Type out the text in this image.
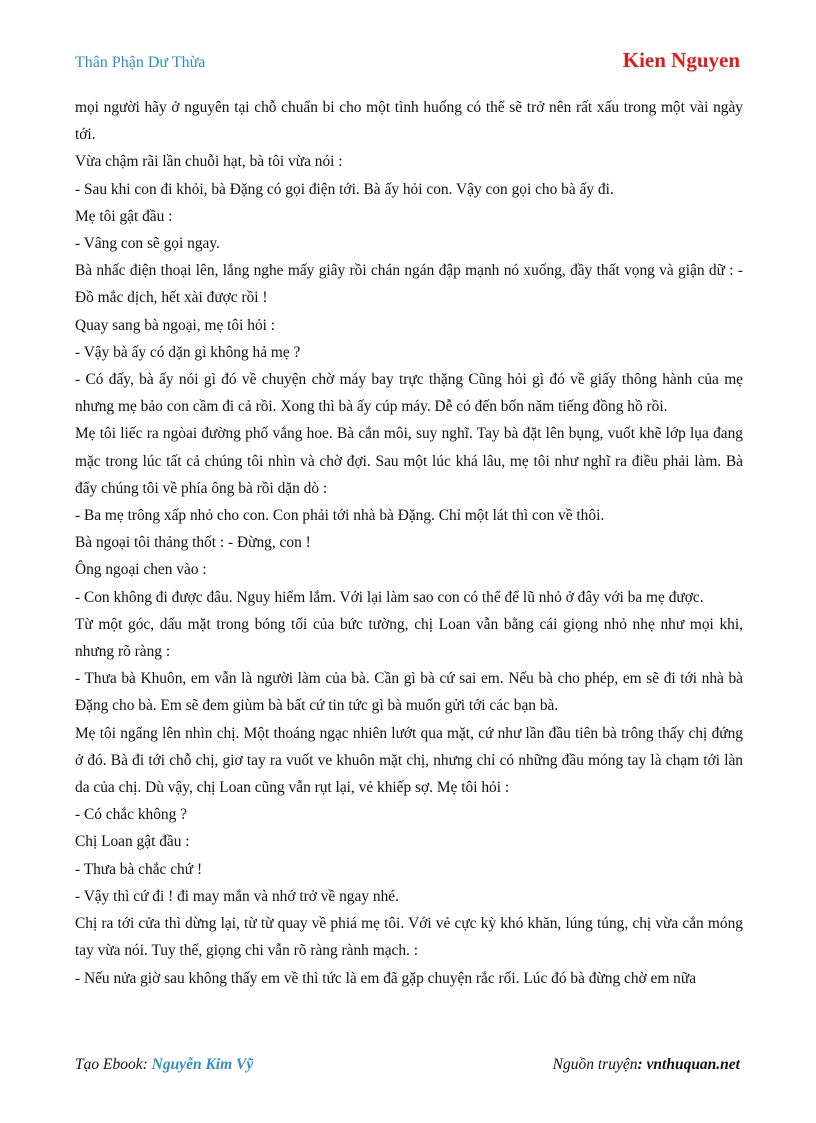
Thân Phận Dư Thừa	Kien Nguyen

mọi người hãy ở nguyên tại chỗ chuẩn bi cho một tình huống có thể sẽ trở nên rất xấu trong một vài ngày tới.

Vừa chậm rãi lần chuỗi hạt, bà tôi vừa nói :

- Sau khi con đi khỏi, bà Đặng có gọi điện tới. Bà ấy hỏi con. Vậy con gọi cho bà ấy đi.

Mẹ tôi gật đầu :

- Vâng con sẽ gọi ngay.

Bà nhấc điện thoại lên, lắng nghe mấy giây rồi chán ngán đập mạnh nó xuống, đầy thất vọng và giận dữ : - Đồ mắc dịch, hết xài được rồi !

Quay sang bà ngoại, mẹ tôi hỏi :

- Vậy bà ấy có dặn gì không hả mẹ ?

- Có đấy, bà ấy nói gì đó về chuyện chờ máy bay trực thặng Cũng hỏi gì đó về giấy thông hành của mẹ nhưng mẹ bảo con cầm đi cả rồi. Xong thì bà ấy cúp máy. Dễ có đến bốn năm tiếng đồng hồ rồi.

Mẹ tôi liếc ra ngòai đường phố vắng hoe. Bà cắn môi, suy nghĩ. Tay bà đặt lên bụng, vuốt khẽ lớp lụa đang mặc trong lúc tất cả chúng tôi nhìn và chờ đợi. Sau một lúc khá lâu, mẹ tôi như nghĩ ra điều phải làm. Bà đẩy chúng tôi về phía ông bà rồi dặn dò :

- Ba mẹ trông xấp nhỏ cho con. Con phải tới nhà bà Đặng. Chỉ một lát thì con về thôi.

Bà ngoại tôi thảng thốt : - Đừng, con !

Ông ngoại chen vào :

- Con không đi được đâu. Nguy hiểm lắm. Với lại làm sao con có thể để lũ nhỏ ở đây với ba mẹ được.

Từ một góc, dấu mặt trong bóng tối của bức tường, chị Loan vẫn bằng cái giọng nhỏ nhẹ như mọi khi, nhưng rõ ràng :

- Thưa bà Khuôn, em vẫn là người làm của bà. Cần gì bà cứ sai em. Nếu bà cho phép, em sẽ đi tới nhà bà Đặng cho bà. Em sẽ đem giùm bà bất cứ tin tức gì bà muốn gửi tới các bạn bà.

Mẹ tôi ngẩng lên nhìn chị. Một thoáng ngạc nhiên lướt qua mặt, cứ như lần đầu tiên bà trông thấy chị đứng ở đó. Bà đi tới chỗ chị, giơ tay ra vuốt ve khuôn mặt chị, nhưng chỉ có những đầu móng tay là chạm tới làn da của chị. Dù vậy, chị Loan cũng vẫn rụt lại, vẻ khiếp sợ. Mẹ tôi hỏi :

- Có chắc không ?

Chị Loan gật đầu :

- Thưa bà chắc chứ !

- Vậy thì cứ đi ! đi may mắn và nhớ trở về ngay nhé.

Chị ra tới cửa thì dừng lại, từ từ quay về phiá mẹ tôi. Với vẻ cực kỳ khó khăn, lúng túng, chị vừa cắn móng tay vừa nói. Tuy thế, giọng chi vẫn rõ ràng rành mạch. :

- Nếu nửa giờ sau không thấy em về thì tức là em đã gặp chuyện rắc rối. Lúc đó bà đừng chờ em nữa

Tạo Ebook: Nguyễn Kim Vỹ	Nguồn truyện: vnthuquan.net
